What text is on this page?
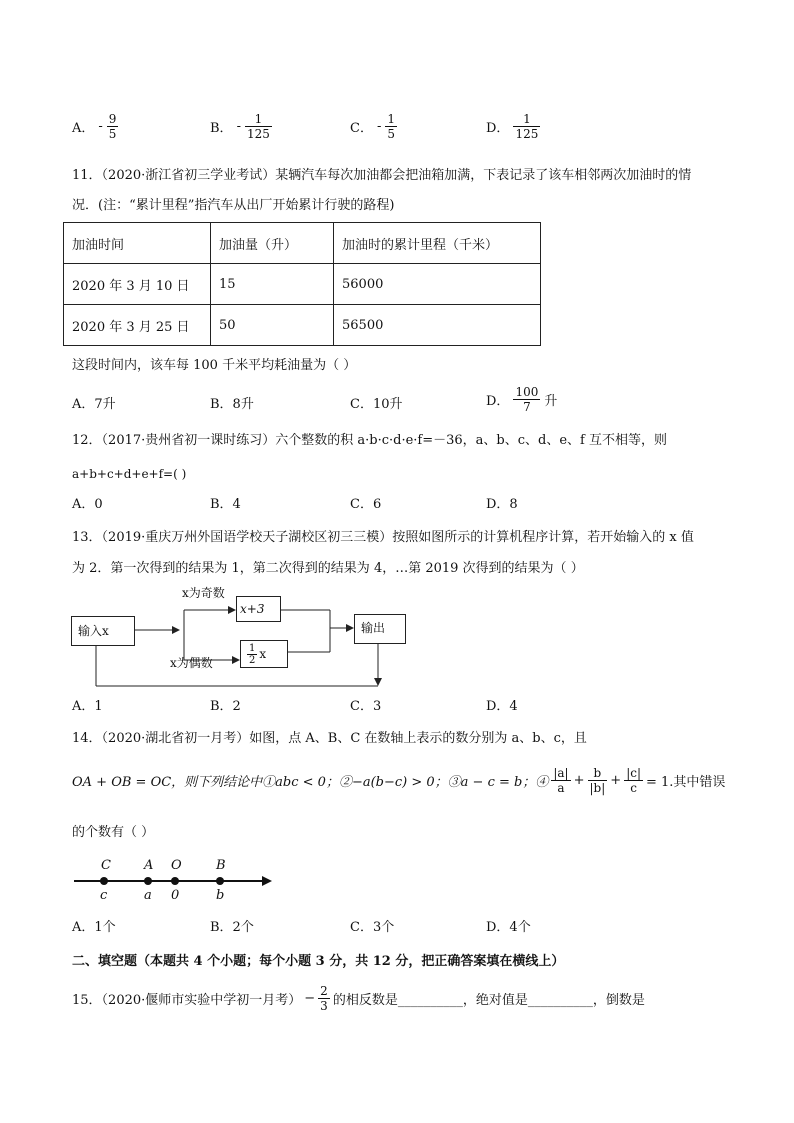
A． - $\frac{9}{5}$	B． - $\frac{1}{125}$	C． - $\frac{1}{5}$	D． $\frac{1}{125}$
11．（2020·浙江省初三学业考试）某辆汽车每次加油都会把油箱加满，下表记录了该车相邻两次加油时的情
况．(注：“累计里程”指汽车从出厂开始累计行驶的路程)
加油时间	加油量（升）	加油时的累计里程（千米）
2020 年 3 月 10 日	15	56000
2020 年 3 月 25 日	50	56500
这段时间内，该车每 100 千米平均耗油量为（ ）
A．7升	B．8升	C．10升	D． $\frac{100}{7}$ 升
12．（2017·贵州省初一课时练习）六个整数的积 a·b·c·d·e·f=－36，a、b、c、d、e、f 互不相等，则
a+b+c+d+e+f=( )
A．0	B．4	C．6	D．8
13．（2019·重庆万州外国语学校天子湖校区初三三模）按照如图所示的计算机程序计算，若开始输入的 x 值
为 2．第一次得到的结果为 1，第二次得到的结果为 4，…第 2019 次得到的结果为（ ）
输入x
x为奇数
x+3
x为偶数	$\frac{1}{2}$ x
输出
A．1	B．2	C．3	D．4
14．（2020·湖北省初一月考）如图，点 A、B、C 在数轴上表示的数分别为 a、b、c，且
OA + OB = OC，则下列结论中①abc < 0；②−a(b−c) > 0；③a − c = b；④ $\frac{|a|}{a} + \frac{b}{|b|} + \frac{|c|}{c} = 1$.其中错误
的个数有（ ）
C	A O	B
c	a 0	b
A．1个	B．2个	C．3个	D．4个
二、填空题（本题共 4 个小题；每个小题 3 分，共 12 分，把正确答案填在横线上）
15．（2020·偃师市实验中学初一月考） − $\frac{2}{3}$ 的相反数是__________，绝对值是__________，倒数是
